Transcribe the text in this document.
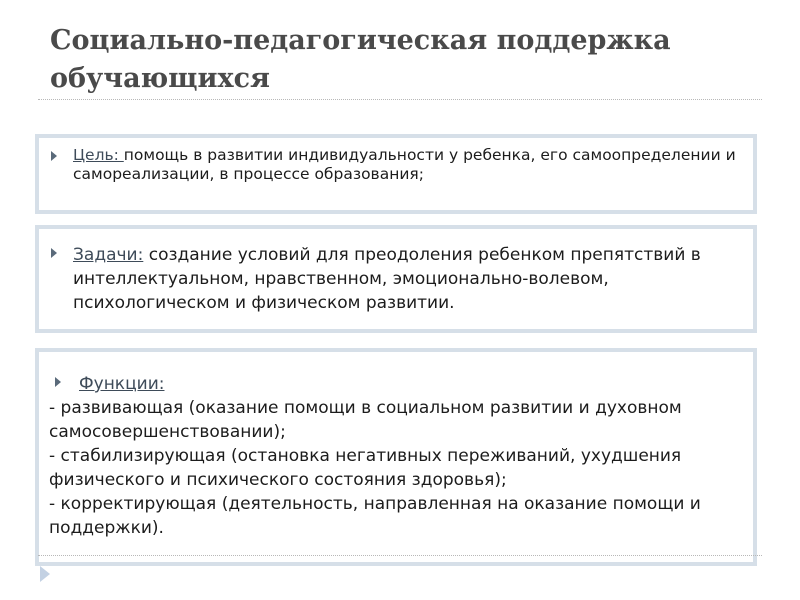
Социально-педагогическая поддержка обучающихся
Цель: помощь в развитии индивидуальности у ребенка, его самоопределении и самореализации, в процессе образования;
Задачи: создание условий для преодоления ребенком препятствий в интеллектуальном, нравственном, эмоционально-волевом, психологическом и физическом развитии.
Функции:

- развивающая (оказание помощи в социальном развитии и духовном самосовершенствовании);

- стабилизирующая (остановка негативных переживаний, ухудшения физического и психического состояния здоровья);

- корректирующая (деятельность, направленная на оказание помощи и поддержки).
